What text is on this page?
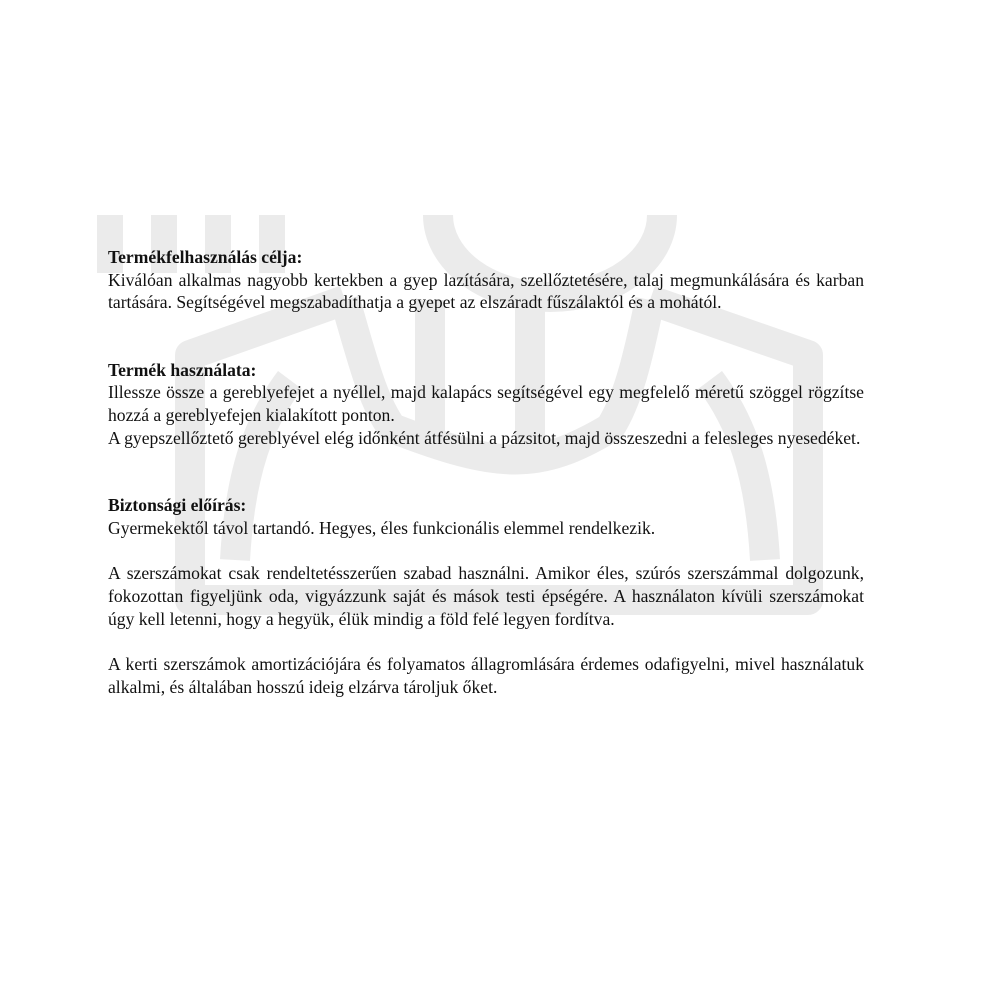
Termékfelhasználás célja:

Kiválóan alkalmas nagyobb kertekben a gyep lazítására, szellőztetésére, talaj megmunkálására és karban tartására. Segítségével megszabadíthatja a gyepet az elszáradt fűszálaktól és a mohától.

Termék használata:

Illessze össze a gereblyefejet a nyéllel, majd kalapács segítségével egy megfelelő méretű szöggel rögzítse hozzá a gereblyefejen kialakított ponton.

A gyepszellőztető gereblyével elég időnként átfésülni a pázsitot, majd összeszedni a felesleges nyesedéket.

Biztonsági előírás:

Gyermekektől távol tartandó. Hegyes, éles funkcionális elemmel rendelkezik.

A szerszámokat csak rendeltetésszerűen szabad használni. Amikor éles, szúrós szerszámmal dolgozunk, fokozottan figyeljünk oda, vigyázzunk saját és mások testi épségére. A használaton kívüli szerszámokat úgy kell letenni, hogy a hegyük, élük mindig a föld felé legyen fordítva.

A kerti szerszámok amortizációjára és folyamatos állagromlására érdemes odafigyelni, mivel használatuk alkalmi, és általában hosszú ideig elzárva tároljuk őket.
